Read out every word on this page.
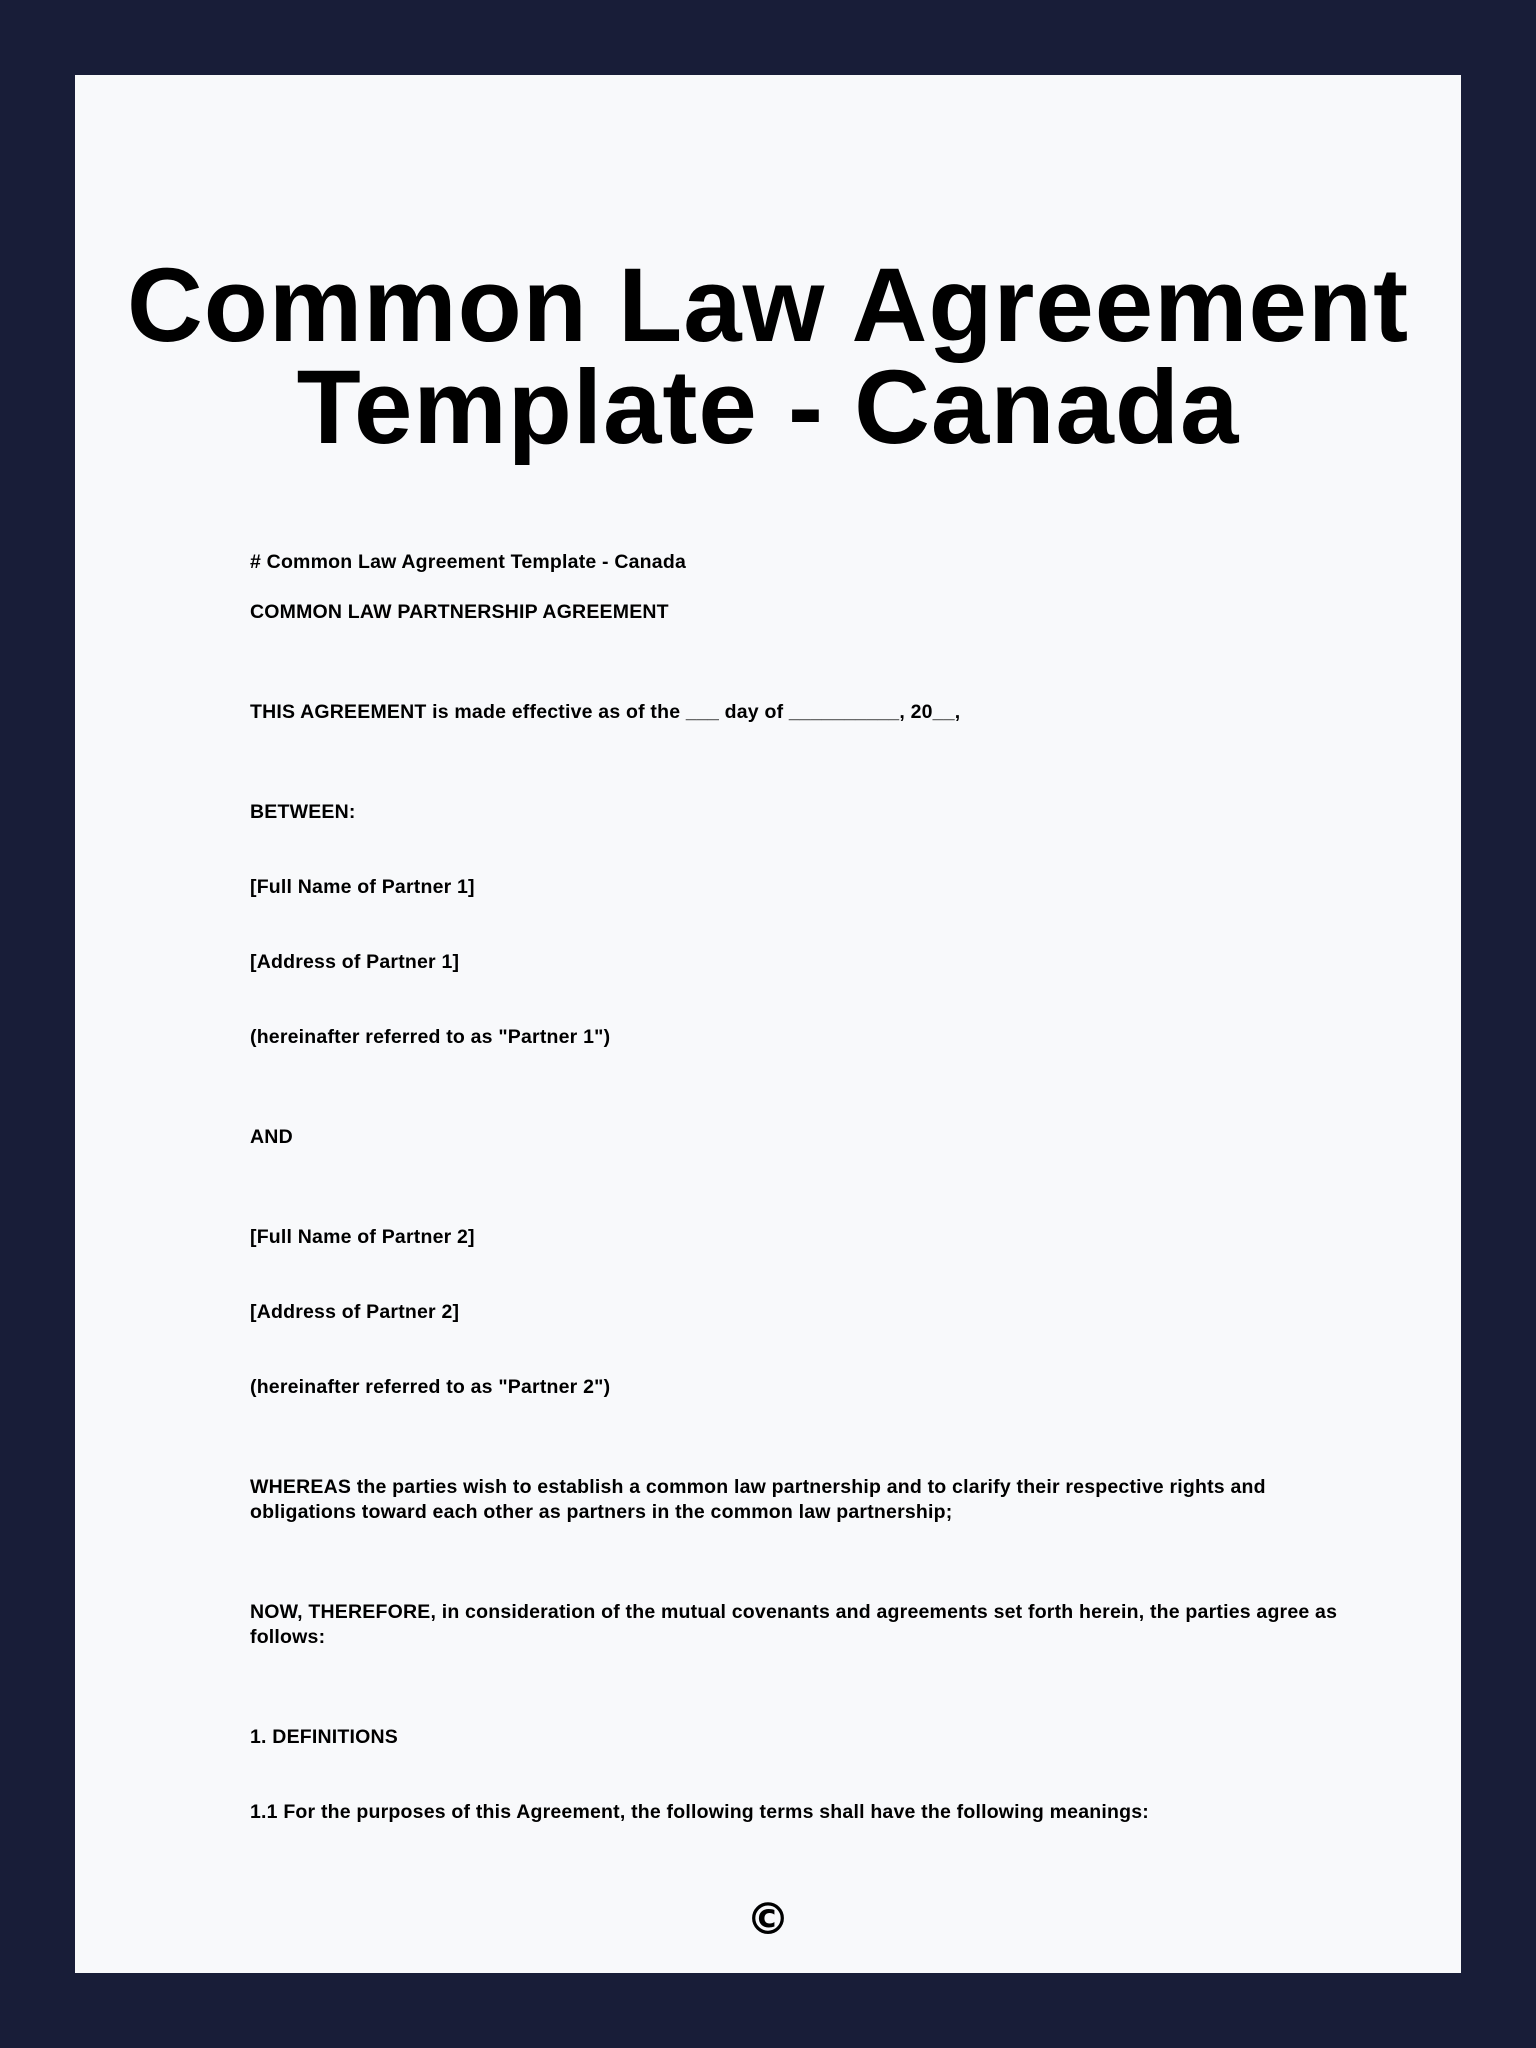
Common Law Agreement
Template - Canada
# Common Law Agreement Template - Canada
COMMON LAW PARTNERSHIP AGREEMENT
THIS AGREEMENT is made effective as of the ___ day of __________, 20__,
BETWEEN:
[Full Name of Partner 1]
[Address of Partner 1]
(hereinafter referred to as "Partner 1")
AND
[Full Name of Partner 2]
[Address of Partner 2]
(hereinafter referred to as "Partner 2")
WHEREAS the parties wish to establish a common law partnership and to clarify their respective rights and obligations toward each other as partners in the common law partnership;
NOW, THEREFORE, in consideration of the mutual covenants and agreements set forth herein, the parties agree as follows:
1. DEFINITIONS
1.1 For the purposes of this Agreement, the following terms shall have the following meanings:
©
